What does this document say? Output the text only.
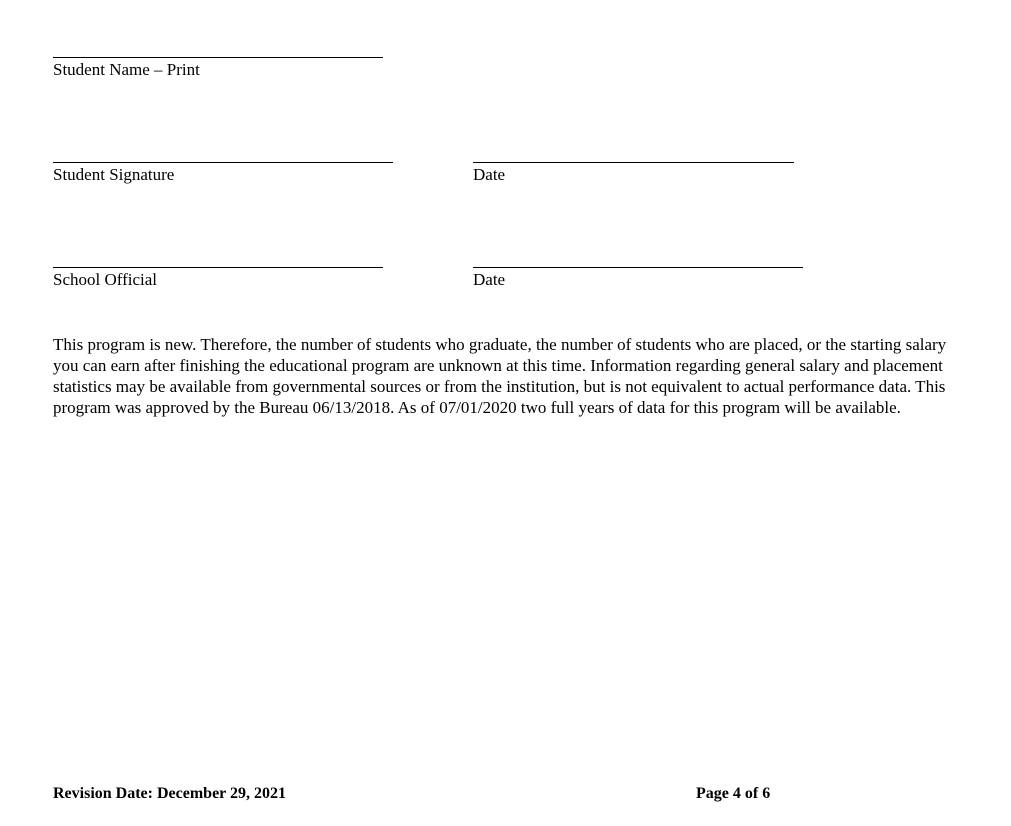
Student Name – Print
Student Signature	Date
School Official	Date

This program is new. Therefore, the number of students who graduate, the number of students who are placed, or the starting salary you can earn after finishing the educational program are unknown at this time. Information regarding general salary and placement statistics may be available from governmental sources or from the institution, but is not equivalent to actual performance data. This program was approved by the Bureau 06/13/2018. As of 07/01/2020 two full years of data for this program will be available.

Revision Date: December 29, 2021	Page 4 of 6
